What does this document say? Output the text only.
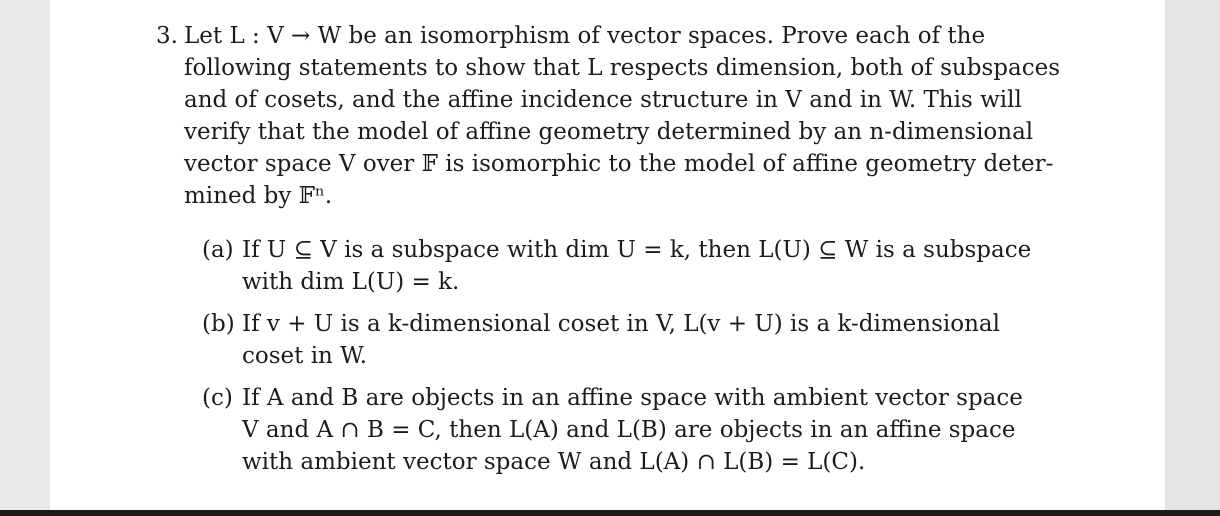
3. Let L : V → W be an isomorphism of vector spaces. Prove each of the
following statements to show that L respects dimension, both of subspaces
and of cosets, and the affine incidence structure in V and in W. This will
verify that the model of affine geometry determined by an n-dimensional
vector space V over 𝔽 is isomorphic to the model of affine geometry deter-
mined by 𝔽ⁿ.
(a) If U ⊆ V is a subspace with dim U = k, then L(U) ⊆ W is a subspace
with dim L(U) = k.
(b) If v + U is a k-dimensional coset in V, L(v + U) is a k-dimensional
coset in W.
(c) If A and B are objects in an affine space with ambient vector space
V and A ∩ B = C, then L(A) and L(B) are objects in an affine space
with ambient vector space W and L(A) ∩ L(B) = L(C).
